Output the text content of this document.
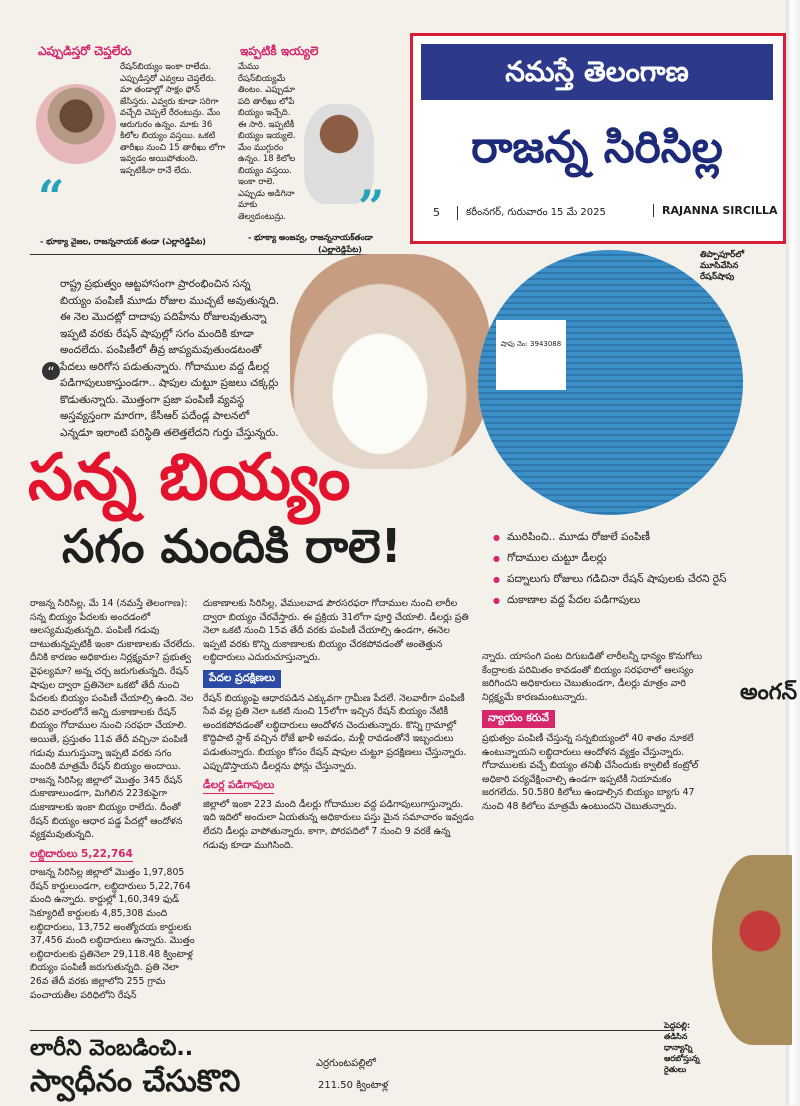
ఎప్పుడిస్తరో చెప్తలేరు
“
రేషన్‌బియ్యం ఇంకా రాలేదు. ఎప్పుడిస్తరో ఎవ్వలు చెప్తలేరు. మా తండాల్లో సాక్షం ఫోన్ జేసిస్తరు. ఎవ్వరు కూడా సరిగా వచ్చేది చెప్పలే రేరంటున్రు. మేం ఆరుగురం ఉన్నం. మాకు 36 కిలోల బియ్యం వస్తయి. ఒకటి తారీఖు నుంచి 15 తారీఖు లోగా ఇవ్వడం అయిపోతుంది. ఇప్పటికీనా రానే లేదు.
- భూక్యా వైజల, రాజన్ననాయక్ తండా (ఎల్లారెడ్డిపేట)
ఇప్పటికీ ఇయ్యలె
మేము రేషన్‌బియ్యమే తింటం. ఎప్పుడూ పది తారీఖు లోపే బియ్యం ఇచ్చేది. ఈ సారి. ఇప్పటికీ బియ్యం ఇయ్యలె. మేం ముగ్గురం ఉన్నం. 18 కిలోల బియ్యం వస్తయి. ఇంకా రాలె. ఎప్పుడు అడిగినా మాకు తెల్వదంటున్రు.	”
- భూక్యా అంజవ్వ, రాజన్ననాయక్‌తండా
(ఎల్లారెడ్డిపేట)
నమస్తే తెలంగాణ
రాజన్న సిరిసిల్ల
5	కరీంనగర్, గురువారం 15 మే 2025	RAJANNA SIRCILLA
రాష్ట్ర ప్రభుత్వం ఆట్టహాసంగా ప్రారంభించిన సన్న బియ్యం పంపిణీ మూడు రోజుల ముచ్చటే అవుతున్నది. ఈ నెల మొదట్లో దాదాపు పదిహేను రోజులవుతున్నా ఇప్పటి వరకు రేషన్ షాపుల్లో సగం మందికి కూడా అందలేదు. పంపిణీలో తీవ్ర జాప్యమవుతుండటంతో పేదలు అరిగోస పడుతున్నారు. గోదాముల వద్ద డీలర్ల పడిగాపులుకాస్తుండగా.. షాపుల చుట్టూ ప్రజలు చక్కర్లు కొడుతున్నారు. మొత్తంగా ప్రజా పంపిణీ వ్యవస్థ అస్తవ్యస్తంగా మారగా, కేసీఆర్ పదేండ్ల పాలనలో ఎన్నడూ ఇలాంటి పరిస్థితి తలెత్తలేదని గుర్తు చేస్తున్నరు.
“
షాపు నెం: 3943088
తిప్పాపూర్‌లో మూసివేసిన రేషన్‌షాపు
సన్న బియ్యం
సగం మందికి రాలె!
●	మురిపించి.. మూడు రోజులే పంపిణీ
● గోదాముల చుట్టూ డీలర్లు
● పద్నాలుగు రోజులు గడిచినా రేషన్ షాపులకు చేరని రైస్
● దుకాణాల వద్ద పేదల పడిగాపులు

రాజన్న సిరిసిల్ల, మే 14 (నమస్తే తెలంగాణ): సన్న బియ్యం పేదలకు అందడంలో ఆలస్యమవుతున్నది. పంపిణీ గడువు దాటుతున్నప్పటికీ ఇంకా దుకాణాలకు చేరలేదు. దీనికి కారణం అధికారుల నిర్లక్ష్యమా? ప్రభుత్వ వైఫల్యమా? అన్న చర్చ జరుగుతున్నది. రేషన్ షాపుల ద్వారా ప్రతినెలా ఒకటో తేదీ నుంచి పేదలకు బియ్యం పంపిణీ చేయాల్సి ఉంది. నెల చివరి వారంలోనే అన్ని దుకాణాలకు రేషన్ బియ్యం గోదాముల నుంచి సరఫరా చేయాలి. అయితే, ప్రస్తుతం 11వ తేదీ వచ్చినా పంపిణీ గడువు ముగుస్తున్నా ఇప్పటి వరకు సగం మందికి మాత్రమే రేషన్ బియ్యం అందాయి. రాజన్న సిరిసిల్ల జిల్లాలో మొత్తం 345 రేషన్ దుకాణాలుండగా, మిగిలిన 223కుపైగా దుకాణాలకు ఇంకా బియ్యం రాలేదు. దీంతో రేషన్ బియ్యం ఆధార పడ్డ పేదల్లో ఆందోళన వ్యక్తమవుతున్నది.

లబ్ధిదారులు 5,22,764

రాజన్న సిరిసిల్ల జిల్లాలో మొత్తం 1,97,805 రేషన్ కార్డులుండగా, లబ్ధిదారులు 5,22,764 మంది ఉన్నారు. కార్డుల్లో 1,60,349 ఫుడ్ సెక్యూరిటీ కార్డులకు 4,85,308 మంది లబ్ధిదారులు, 13,752 అంత్యోదయ కార్డులకు 37,456 మంది లబ్ధిదారులు ఉన్నారు. మొత్తం లబ్ధిదారులకు ప్రతినెలా 29,118.48 క్వింటాళ్ల బియ్యం పంపిణీ జరుగుతున్నది. ప్రతి నెలా 26వ తేదీ వరకు జిల్లాలోని 255 గ్రామ పంచాయతీల పరిధిలోని రేషన్

దుకాణాలకు సిరిసిల్ల, వేములవాడ పౌరసరఫరా గోదాముల నుంచి లారీల ద్వారా బియ్యం చేరవేస్తారు. ఈ ప్రక్రియ 31లోగా పూర్తి చేయాలి. డీలర్లు ప్రతి నెలా ఒకటి నుంచి 15వ తేదీ వరకు పంపిణీ చేయాల్సి ఉండగా, ఈనెల ఇప్పటి వరకు కొన్ని దుకాణాలకు బియ్యం చేరకపోవడంతో అంతెత్తున లబ్ధిదారులు ఎదురుచూస్తున్నారు.

పేదల ప్రదక్షిణలు

రేషన్ బియ్యంపై ఆధారపడిన ఎక్కువగా గ్రామీణ పేదలే. నెలవారీగా పంపిణీ సేవ వల్ల ప్రతి నెలా ఒకటి నుంచి 15లోగా ఇచ్చిన రేషన్ బియ్యం నేటికీ అందకపోవడంతో లబ్ధిదారులు ఆందోళన చెందుతున్నారు. కొన్ని గ్రామాల్లో కొద్దిపాటి స్టాక్ వచ్చిన రోజే ఖాళీ అవడం, మళ్లీ రావడంతోనే ఇబ్బందులు పడుతున్నారు. బియ్యం కోసం రేషన్ షాపుల చుట్టూ ప్రదక్షిణలు చేస్తున్నారు. ఎప్పుడొస్తాయని డీలర్లను ఫోన్లు చేస్తున్నారు.

డీలర్ల పడిగాపులు

జిల్లాలో ఇంకా 223 మంది డీలర్లు గోదాముల వద్ద పడిగాపులుగాస్తున్నారు. ఇది ఇదిలో అందులా ఏయతున్న అధికారులు పస్తు మైన సమాచారం ఇవ్వడం లేదని డీలర్లు వాపోతున్నారు. కాగా, పోరపదిలో 7 నుంచి 9 వరకే ఉన్న గడువు కూడా ముగిసింది.

న్నారు. యాసంగి పంట దిగుబడితో లారీలన్నీ ధాన్యం కొనుగోలు కేంద్రాలకు పరిమితం కావడంతో బియ్యం సరఫరాలో ఆలస్యం జరిగిందని అధికారులు చెబుతుండగా, డీలర్లు మాత్రం వారి నిర్లక్ష్యమే కారణమంటున్నారు.

న్యాయం కరువే

ప్రభుత్వం పంపిణీ చేస్తున్న సన్నబియ్యంలో 40 శాతం నూకలే ఉంటున్నాయని లబ్ధిదారులు ఆందోళన వ్యక్తం చేస్తున్నారు. గోదాములకు వచ్చే బియ్యం తనిఖీ చేసేందుకు క్వాలిటీ కంట్రోల్ అధికారి పర్యవేక్షించాల్సి ఉండగా ఇప్పటికీ నియామకం జరగలేదు. 50.580 కిలోలు ఉండాల్సిన బియ్యం బ్యాగు 47 నుంచి 48 కిలోలు మాత్రమే ఉంటుందని చెబుతున్నారు.

అంగన్
పెద్దపల్లి: తడిసిన ధాన్యాన్ని ఆరబోస్తున్న రైతులు
లారీని వెంబడించి..
స్వాధీనం చేసుకొని
ఎర్రగుంటపల్లిలో
211.50 క్వింటాళ్ల
